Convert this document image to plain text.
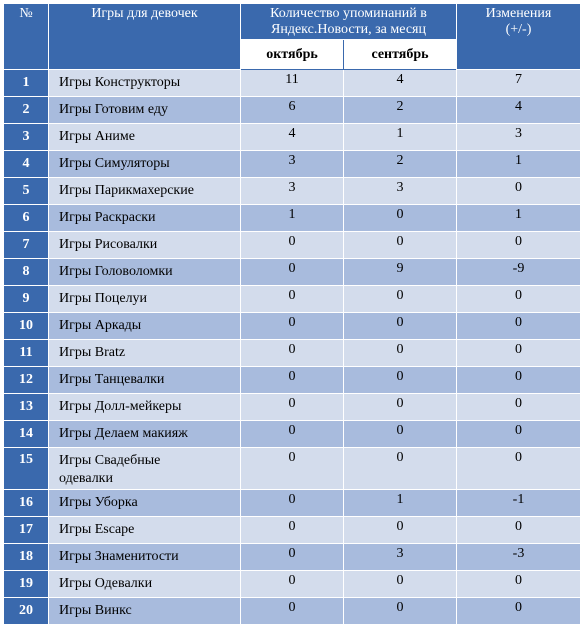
№	Игры для девочек	Количество упоминаний в Яндекс.Новости, за месяц		Изменения
(+/-)

		октябрь	сентябрь	
1	Игры Конструкторы	11	4	7
2	Игры Готовим еду	6	2	4
3	Игры Аниме	4	1	3
4	Игры Симуляторы	3	2	1
5	Игры Парикмахерские	3	3	0
6	Игры Раскраски	1	0	1
7	Игры Рисовалки	0	0	0
8	Игры Головоломки	0	9	-9
9	Игры Поцелуи	0	0	0
10	Игры Аркады	0	0	0
11	Игры Bratz	0	0	0
12	Игры Танцевалки	0	0	0
13	Игры Долл-мейкеры	0	0	0
14	Игры Делаем макияж	0	0	0
15	Игры Свадебные
одевалки	0	0	0
16	Игры Уборка	0	1	-1
17	Игры Escape	0	0	0
18	Игры Знаменитости	0	3	-3
19	Игры Одевалки	0	0	0
20	Игры Винкс	0	0	0
